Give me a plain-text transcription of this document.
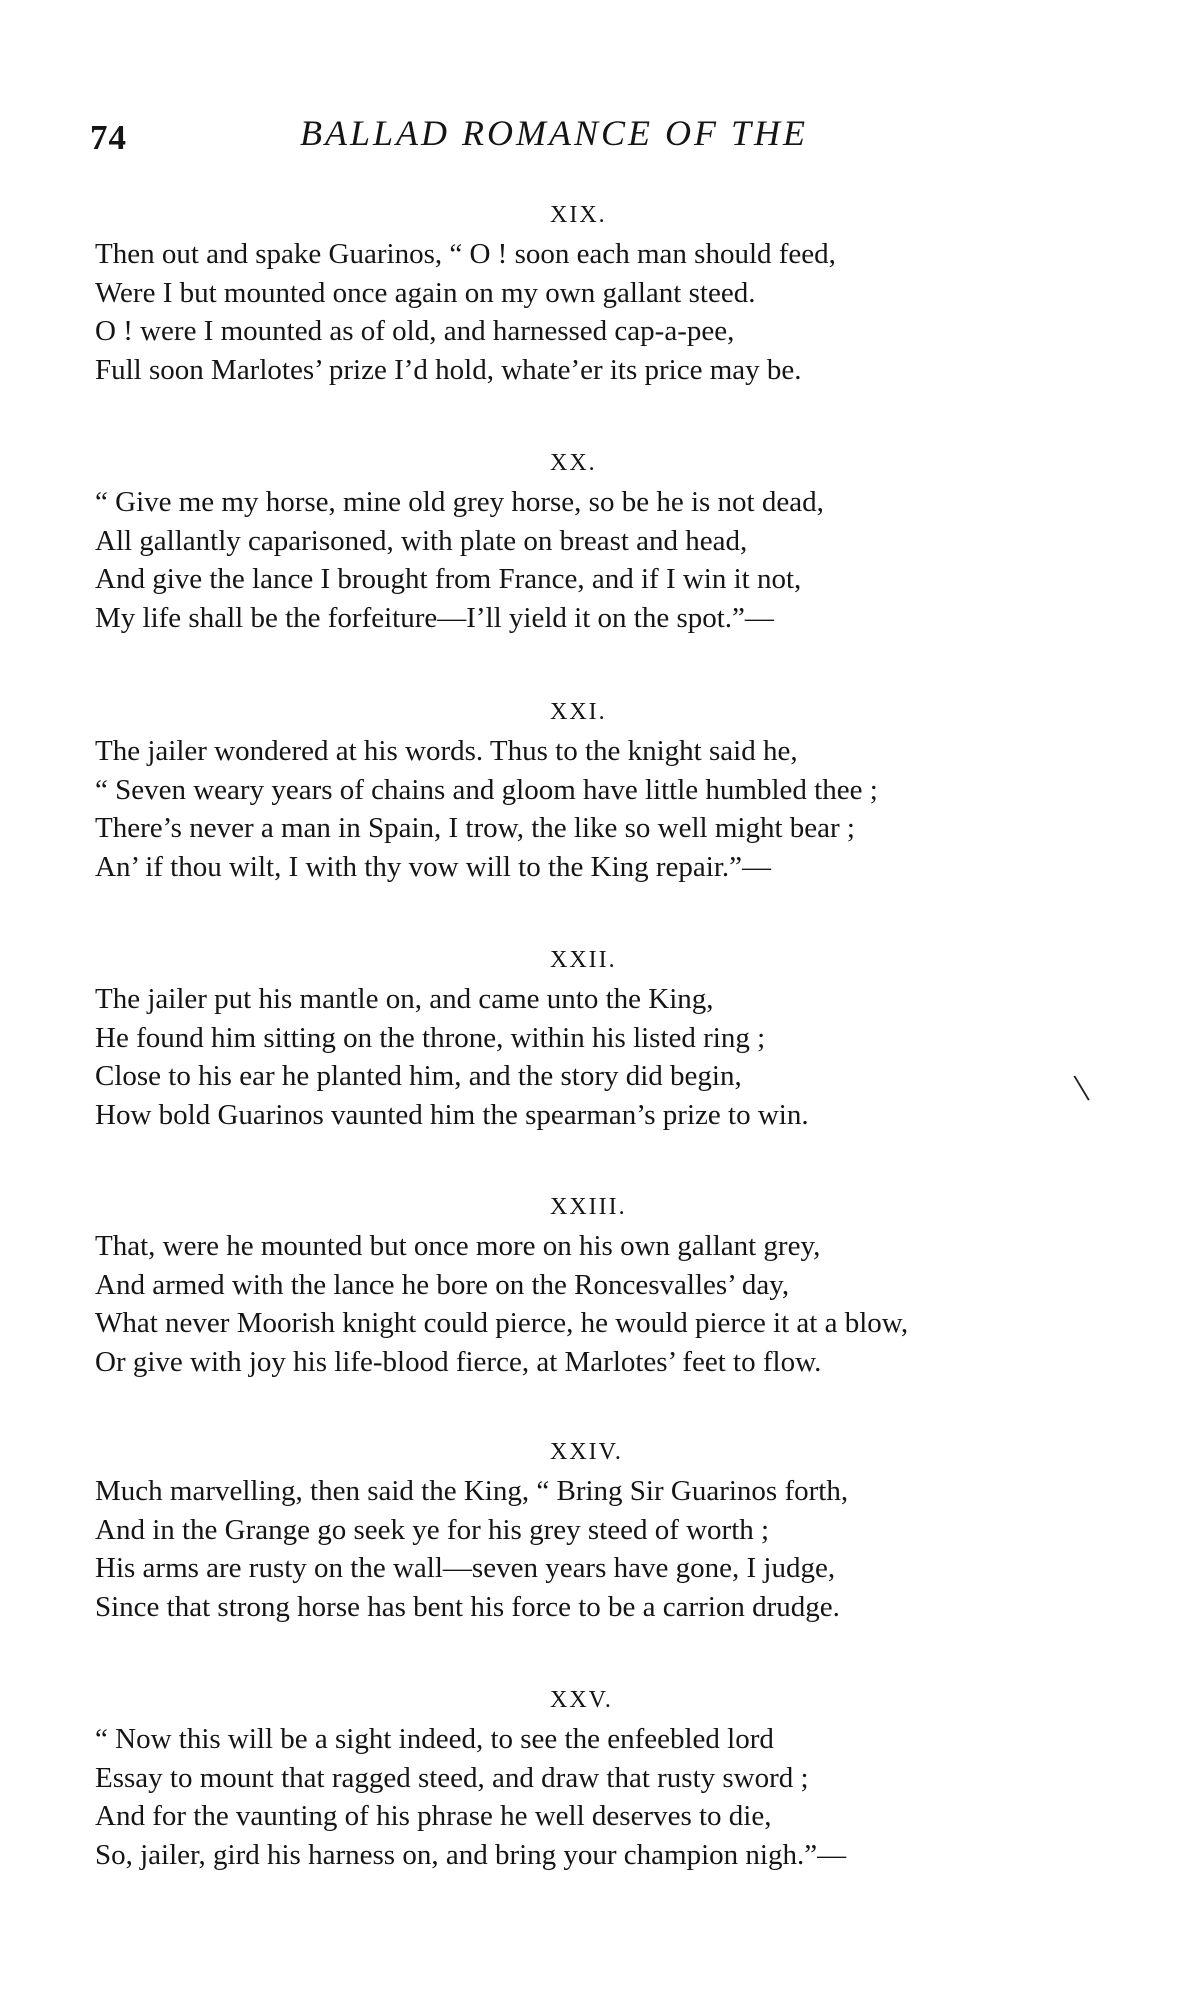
74	BALLAD ROMANCE OF THE
XIX.
Then out and spake Guarinos, “ O ! soon each man should feed,
Were I but mounted once again on my own gallant steed.
O ! were I mounted as of old, and harnessed cap-a-pee,
Full soon Marlotes’ prize I’d hold, whate’er its price may be.
XX.
“ Give me my horse, mine old grey horse, so be he is not dead,
All gallantly caparisoned, with plate on breast and head,
And give the lance I brought from France, and if I win it not,
My life shall be the forfeiture—I’ll yield it on the spot.”—
XXI.
The jailer wondered at his words. Thus to the knight said he,
“ Seven weary years of chains and gloom have little humbled thee ;
There’s never a man in Spain, I trow, the like so well might bear ;
An’ if thou wilt, I with thy vow will to the King repair.”—
XXII.
The jailer put his mantle on, and came unto the King,
He found him sitting on the throne, within his listed ring ;
Close to his ear he planted him, and the story did begin,
How bold Guarinos vaunted him the spearman’s prize to win.
XXIII.
That, were he mounted but once more on his own gallant grey,
And armed with the lance he bore on the Roncesvalles’ day,
What never Moorish knight could pierce, he would pierce it at a blow,
Or give with joy his life-blood fierce, at Marlotes’ feet to flow.
XXIV.
Much marvelling, then said the King, “ Bring Sir Guarinos forth,
And in the Grange go seek ye for his grey steed of worth ;
His arms are rusty on the wall—seven years have gone, I judge,
Since that strong horse has bent his force to be a carrion drudge.
XXV.
“ Now this will be a sight indeed, to see the enfeebled lord
Essay to mount that ragged steed, and draw that rusty sword ;
And for the vaunting of his phrase he well deserves to die,
So, jailer, gird his harness on, and bring your champion nigh.”—
\
